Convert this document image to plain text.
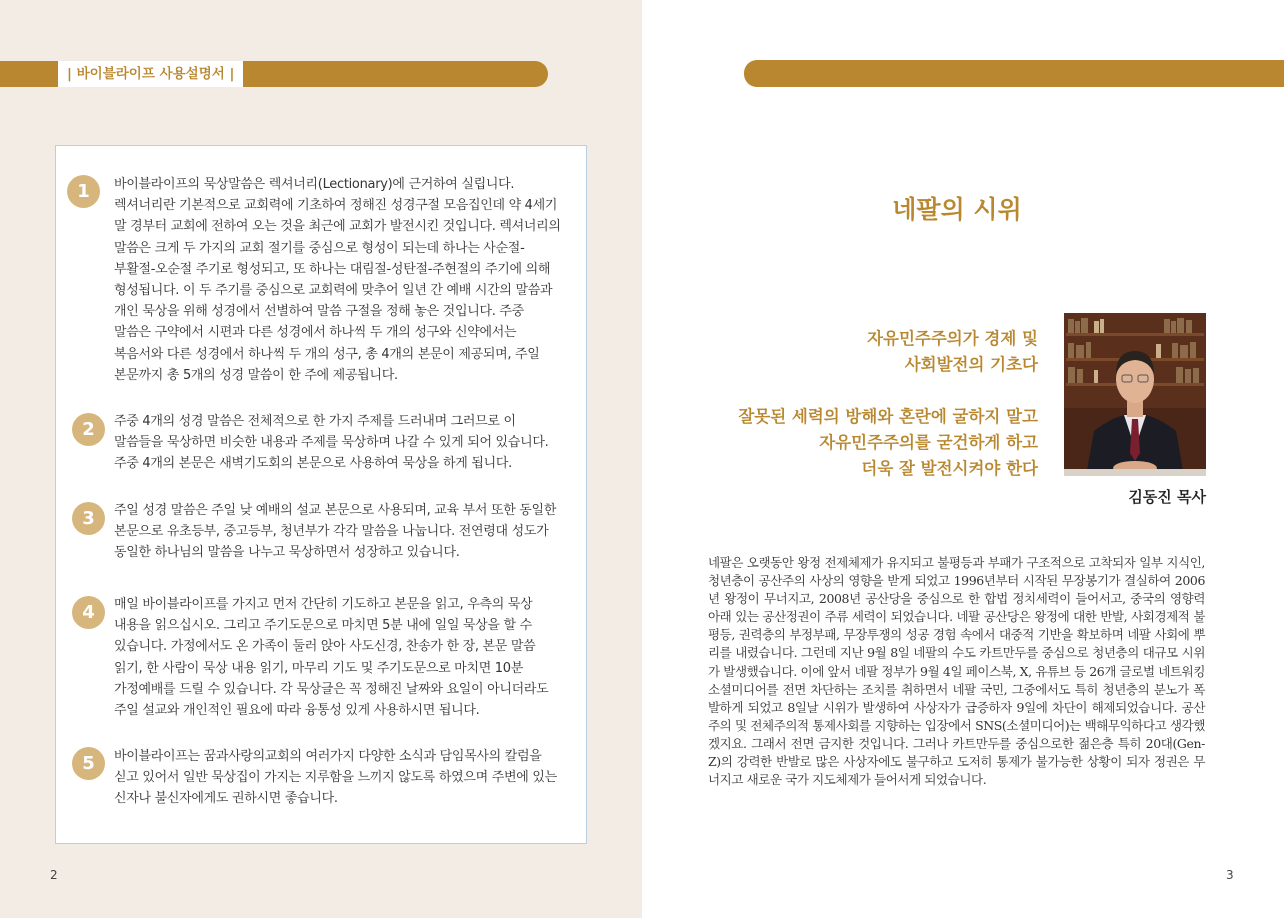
| 바이블라이프 사용설명서 |
1	바이블라이프의 묵상말씀은 렉셔너리(Lectionary)에 근거하여 실립니다. 렉셔너리란 기본적으로 교회력에 기초하여 정해진 성경구절 모음집인데 약 4세기 말 경부터 교회에 전하여 오는 것을 최근에 교회가 발전시킨 것입니다. 렉셔너리의 말씀은 크게 두 가지의 교회 절기를 중심으로 형성이 되는데 하나는 사순절-부활절-오순절 주기로 형성되고, 또 하나는 대림절-성탄절-주현절의 주기에 의해 형성됩니다. 이 두 주기를 중심으로 교회력에 맞추어 일년 간 예배 시간의 말씀과 개인 묵상을 위해 성경에서 선별하여 말씀 구절을 정해 놓은 것입니다. 주중 말씀은 구약에서 시편과 다른 성경에서 하나씩 두 개의 성구와 신약에서는 복음서와 다른 성경에서 하나씩 두 개의 성구, 총 4개의 본문이 제공되며, 주일 본문까지 총 5개의 성경 말씀이 한 주에 제공됩니다.
2	주중 4개의 성경 말씀은 전체적으로 한 가지 주제를 드러내며 그러므로 이 말씀들을 묵상하면 비슷한 내용과 주제를 묵상하며 나갈 수 있게 되어 있습니다. 주중 4개의 본문은 새벽기도회의 본문으로 사용하여 묵상을 하게 됩니다.
3	주일 성경 말씀은 주일 낮 예배의 설교 본문으로 사용되며, 교육 부서 또한 동일한 본문으로 유초등부, 중고등부, 청년부가 각각 말씀을 나눕니다. 전연령대 성도가 동일한 하나님의 말씀을 나누고 묵상하면서 성장하고 있습니다.
4	매일 바이블라이프를 가지고 먼저 간단히 기도하고 본문을 읽고, 우측의 묵상 내용을 읽으십시오. 그리고 주기도문으로 마치면 5분 내에 일일 묵상을 할 수 있습니다. 가정에서도 온 가족이 둘러 앉아 사도신경, 찬송가 한 장, 본문 말씀 읽기, 한 사람이 묵상 내용 읽기, 마무리 기도 및 주기도문으로 마치면 10분 가정예배를 드릴 수 있습니다. 각 묵상글은 꼭 정해진 날짜와 요일이 아니더라도 주일 설교와 개인적인 필요에 따라 융통성 있게 사용하시면 됩니다.
5	바이블라이프는 꿈과사랑의교회의 여러가지 다양한 소식과 담임목사의 칼럼을 싣고 있어서 일반 묵상집이 가지는 지루함을 느끼지 않도록 하였으며 주변에 있는 신자나 불신자에게도 권하시면 좋습니다.
2
네팔의 시위

자유민주주의가 경제 및
사회발전의 기초다

잘못된 세력의 방해와 혼란에 굴하지 말고
자유민주주의를 굳건하게 하고
더욱 잘 발전시켜야 한다

김동진 목사
네팔은 오랫동안 왕정 전제체제가 유지되고 불평등과 부패가 구조적으로 고착되자 일부 지식인, 청년층이 공산주의 사상의 영향을 받게 되었고 1996년부터 시작된 무장봉기가 결실하여 2006년 왕정이 무너지고, 2008년 공산당을 중심으로 한 합법 정치세력이 들어서고, 중국의 영향력 아래 있는 공산정권이 주류 세력이 되었습니다. 네팔 공산당은 왕정에 대한 반발, 사회경제적 불평등, 권력층의 부정부패, 무장투쟁의 성공 경험 속에서 대중적 기반을 확보하며 네팔 사회에 뿌리를 내렸습니다. 그런데 지난 9월 8일 네팔의 수도 카트만두를 중심으로 청년층의 대규모 시위가 발생했습니다. 이에 앞서 네팔 정부가 9월 4일 페이스북, X, 유튜브 등 26개 글로벌 네트워킹 소셜미디어를 전면 차단하는 조치를 취하면서 네팔 국민, 그중에서도 특히 청년층의 분노가 폭발하게 되었고 8일날 시위가 발생하여 사상자가 급증하자 9일에 차단이 해제되었습니다. 공산주의 및 전체주의적 통제사회를 지향하는 입장에서 SNS(소셜미디어)는 백해무익하다고 생각했겠지요. 그래서 전면 금지한 것입니다. 그러나 카트만두를 중심으로한 젊은층 특히 20대(Gen-Z)의 강력한 반발로 많은 사상자에도 불구하고 도저히 통제가 불가능한 상황이 되자 정권은 무너지고 새로운 국가 지도체제가 들어서게 되었습니다.
3
